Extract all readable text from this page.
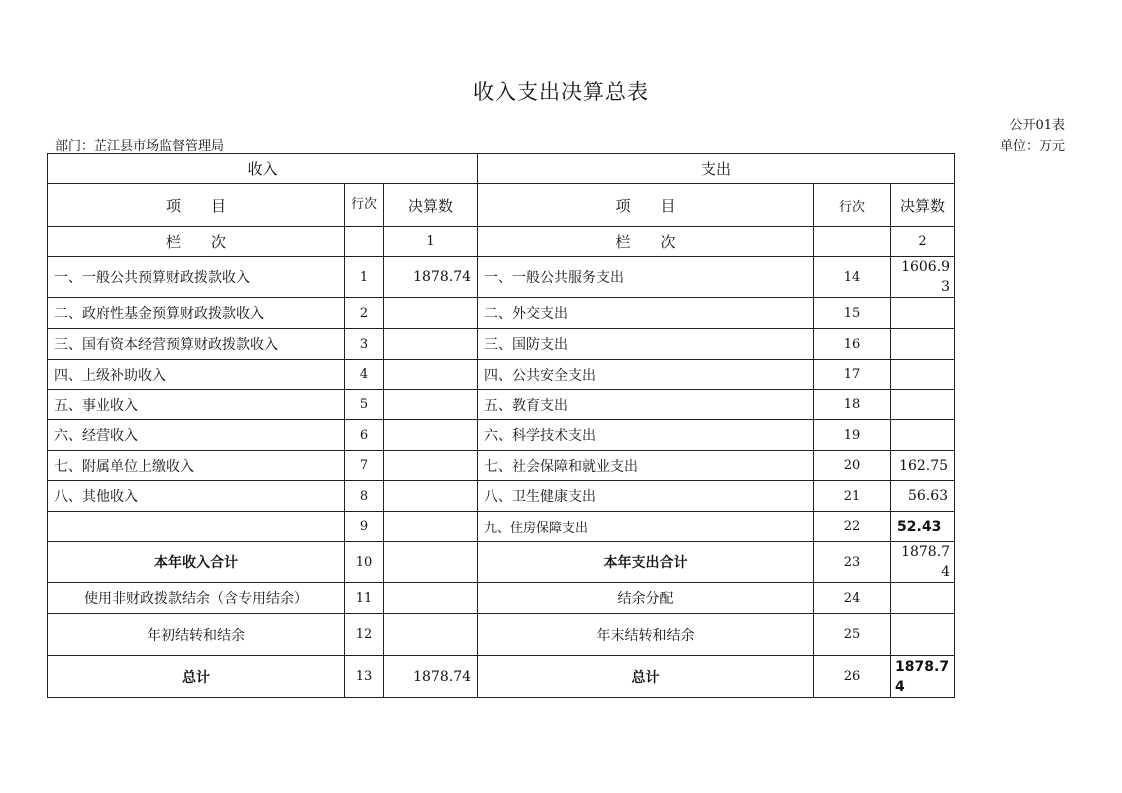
收入支出决算总表
公开01表
部门：芷江县市场监督管理局	单位：万元
收入			支出		
项　　目	行次	决算数	项　　目	行次	决算数
栏　　次		1	栏　　次		2
一、一般公共预算财政拨款收入	1	1878.74	一、一般公共服务支出	14	1606.93
二、政府性基金预算财政拨款收入	2		二、外交支出	15	
三、国有资本经营预算财政拨款收入	3		三、国防支出	16	
四、上级补助收入	4		四、公共安全支出	17	
五、事业收入	5		五、教育支出	18	
六、经营收入	6		六、科学技术支出	19	
七、附属单位上缴收入	7		七、社会保障和就业支出	20	162.75
八、其他收入	8		八、卫生健康支出	21	56.63
	9		九、住房保障支出	22	52.43
本年收入合计	10		本年支出合计	23	1878.74
使用非财政拨款结余（含专用结余）	11		结余分配	24	
年初结转和结余	12		年末结转和结余	25	
总计	13	1878.74	总计	26	1878.74
